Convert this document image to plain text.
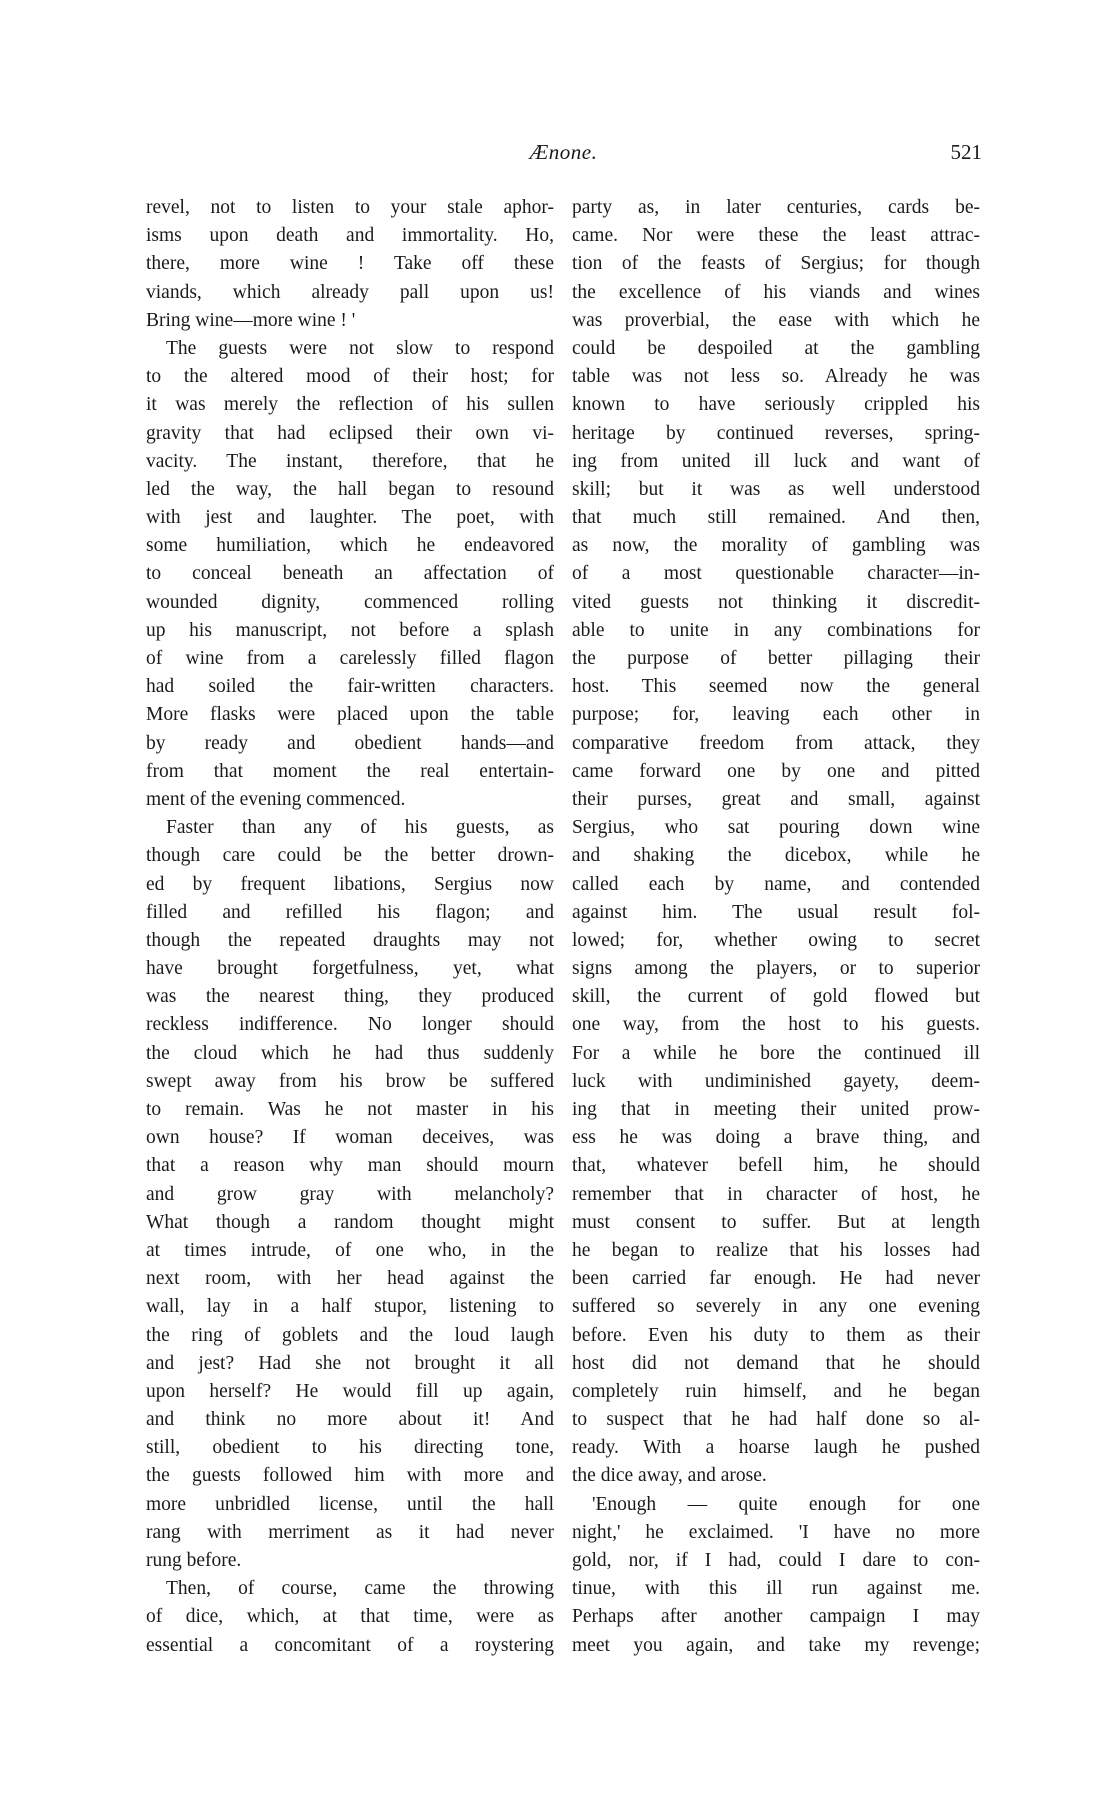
Ænone.	521
revel, not to listen to your stale aphor-
isms upon death and immortality. Ho,
there, more wine ! Take off these
viands, which already pall upon us!
Bring wine—more wine ! '
The guests were not slow to respond
to the altered mood of their host; for
it was merely the reflection of his sullen
gravity that had eclipsed their own vi-
vacity. The instant, therefore, that he
led the way, the hall began to resound
with jest and laughter. The poet, with
some humiliation, which he endeavored
to conceal beneath an affectation of
wounded dignity, commenced rolling
up his manuscript, not before a splash
of wine from a carelessly filled flagon
had soiled the fair-written characters.
More flasks were placed upon the table
by ready and obedient hands—and
from that moment the real entertain-
ment of the evening commenced.
Faster than any of his guests, as
though care could be the better drown-
ed by frequent libations, Sergius now
filled and refilled his flagon; and
though the repeated draughts may not
have brought forgetfulness, yet, what
was the nearest thing, they produced
reckless indifference. No longer should
the cloud which he had thus suddenly
swept away from his brow be suffered
to remain. Was he not master in his
own house? If woman deceives, was
that a reason why man should mourn
and grow gray with melancholy?
What though a random thought might
at times intrude, of one who, in the
next room, with her head against the
wall, lay in a half stupor, listening to
the ring of goblets and the loud laugh
and jest? Had she not brought it all
upon herself? He would fill up again,
and think no more about it! And
still, obedient to his directing tone,
the guests followed him with more and
more unbridled license, until the hall
rang with merriment as it had never
rung before.
Then, of course, came the throwing
of dice, which, at that time, were as
essential a concomitant of a roystering
party as, in later centuries, cards be-
came. Nor were these the least attrac-
tion of the feasts of Sergius; for though
the excellence of his viands and wines
was proverbial, the ease with which he
could be despoiled at the gambling
table was not less so. Already he was
known to have seriously crippled his
heritage by continued reverses, spring-
ing from united ill luck and want of
skill; but it was as well understood
that much still remained. And then,
as now, the morality of gambling was
of a most questionable character—in-
vited guests not thinking it discredit-
able to unite in any combinations for
the purpose of better pillaging their
host. This seemed now the general
purpose; for, leaving each other in
comparative freedom from attack, they
came forward one by one and pitted
their purses, great and small, against
Sergius, who sat pouring down wine
and shaking the dicebox, while he
called each by name, and contended
against him. The usual result fol-
lowed; for, whether owing to secret
signs among the players, or to superior
skill, the current of gold flowed but
one way, from the host to his guests.
For a while he bore the continued ill
luck with undiminished gayety, deem-
ing that in meeting their united prow-
ess he was doing a brave thing, and
that, whatever befell him, he should
remember that in character of host, he
must consent to suffer. But at length
he began to realize that his losses had
been carried far enough. He had never
suffered so severely in any one evening
before. Even his duty to them as their
host did not demand that he should
completely ruin himself, and he began
to suspect that he had half done so al-
ready. With a hoarse laugh he pushed
the dice away, and arose.
'Enough — quite enough for one
night,' he exclaimed. 'I have no more
gold, nor, if I had, could I dare to con-
tinue, with this ill run against me.
Perhaps after another campaign I may
meet you again, and take my revenge;
